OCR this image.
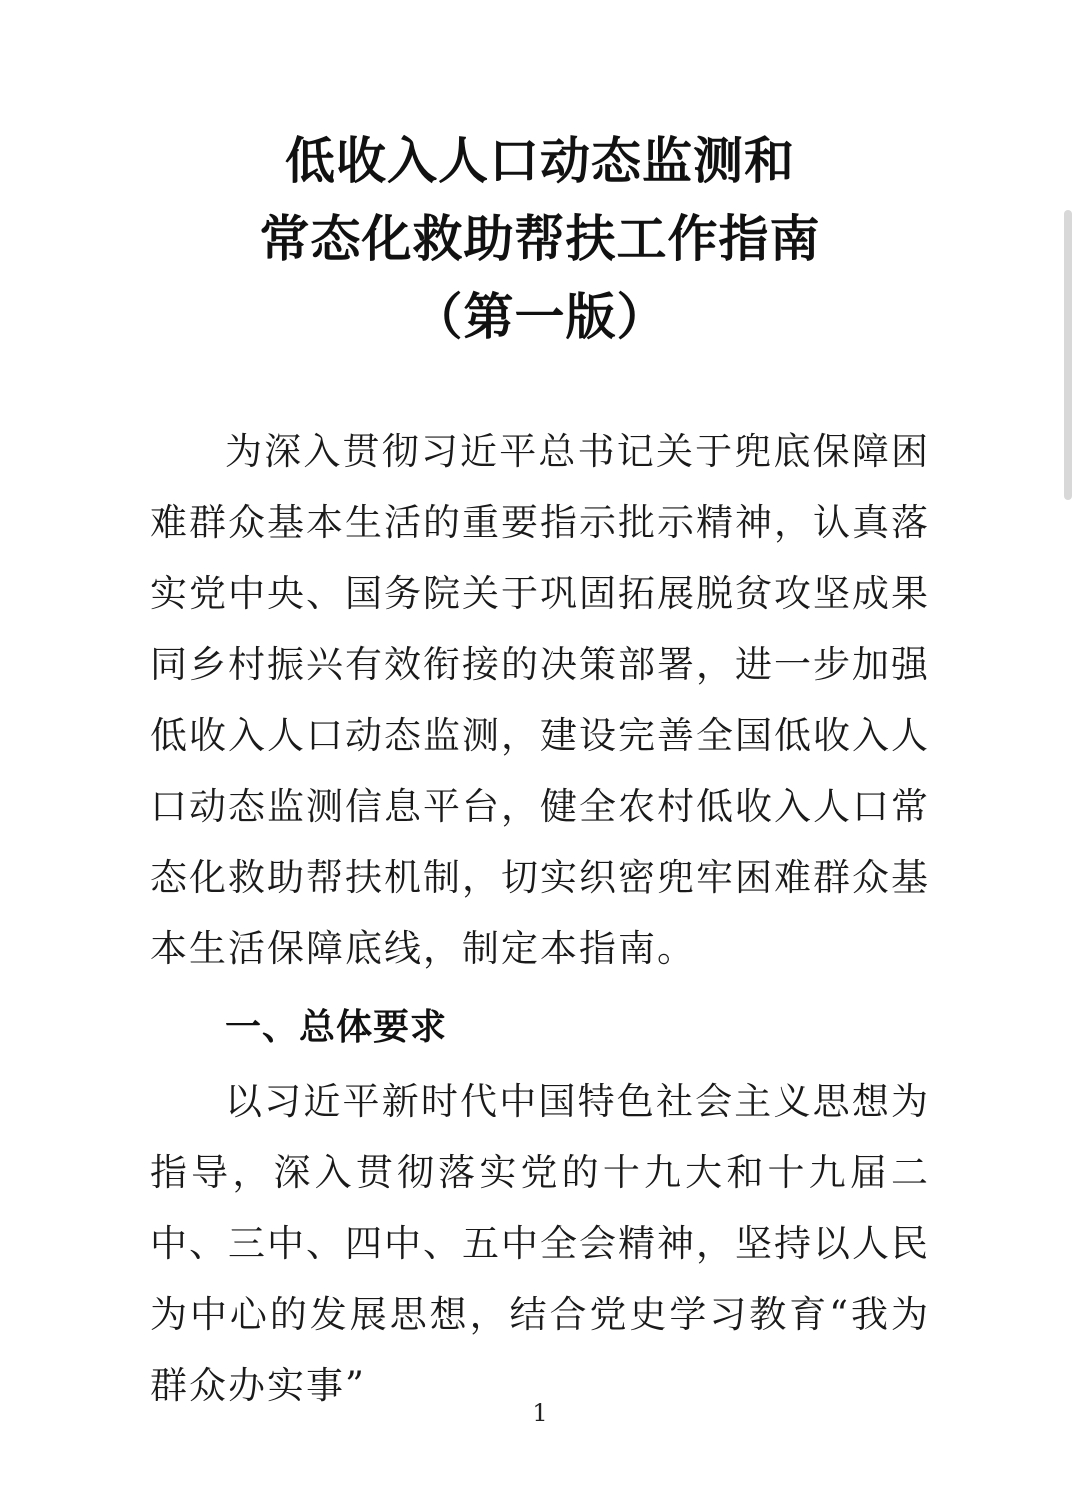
低收入人口动态监测和
常态化救助帮扶工作指南
（第一版）

为深入贯彻习近平总书记关于兜底保障困难群众基本生活的重要指示批示精神，认真落实党中央、国务院关于巩固拓展脱贫攻坚成果同乡村振兴有效衔接的决策部署，进一步加强低收入人口动态监测，建设完善全国低收入人口动态监测信息平台，健全农村低收入人口常态化救助帮扶机制，切实织密兜牢困难群众基本生活保障底线，制定本指南。

一、总体要求

以习近平新时代中国特色社会主义思想为指导，深入贯彻落实党的十九大和十九届二中、三中、四中、五中全会精神，坚持以人民为中心的发展思想，结合党史学习教育“我为群众办实事”

1
